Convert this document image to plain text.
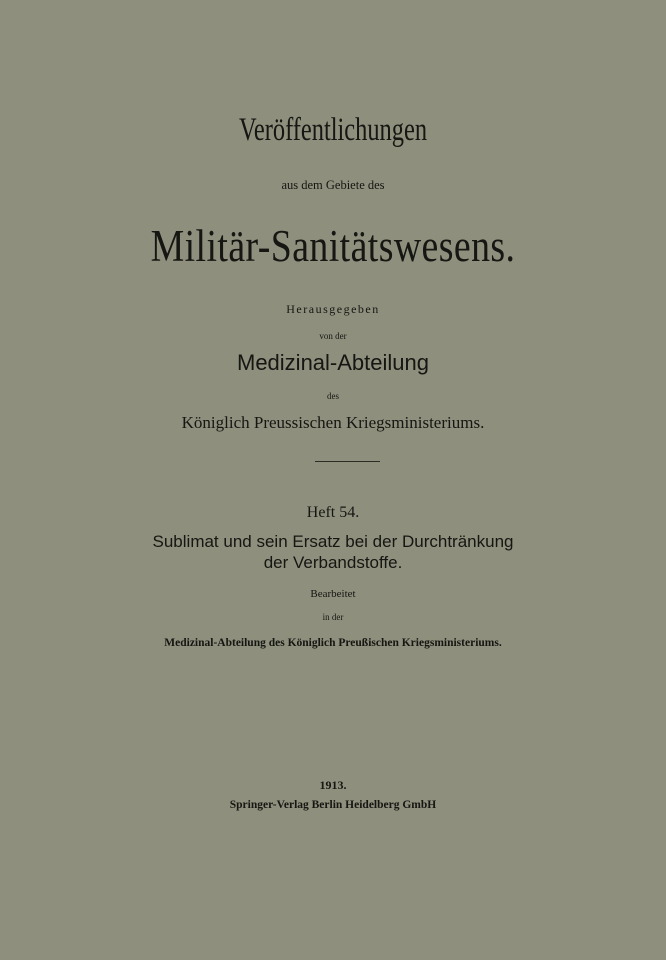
Veröffentlichungen
aus dem Gebiete des
Militär-Sanitätswesens.
Herausgegeben
von der
Medizinal-Abteilung
des
Königlich Preussischen Kriegsministeriums.
Heft 54.
Sublimat und sein Ersatz bei der Durchtränkung
der Verbandstoffe.
Bearbeitet
in der
Medizinal-Abteilung des Königlich Preußischen Kriegsministeriums.
1913.
Springer-Verlag Berlin Heidelberg GmbH
